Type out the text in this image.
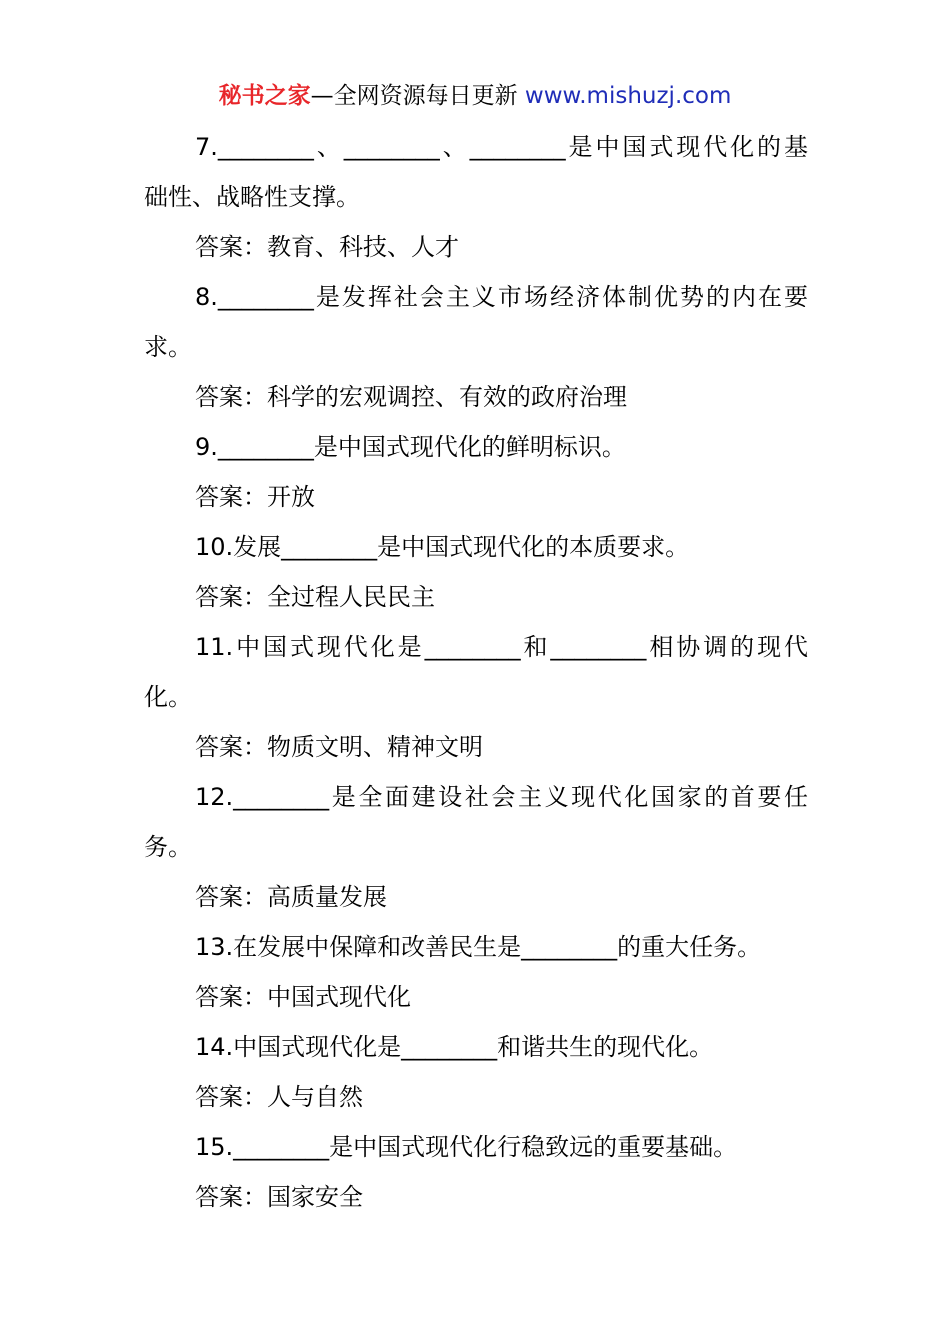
秘书之家—全网资源每日更新 www.mishuzj.com
7.________、________、________是中国式现代化的基
础性、战略性支撑。
答案：教育、科技、人才
8.________是发挥社会主义市场经济体制优势的内在要
求。
答案：科学的宏观调控、有效的政府治理
9.________是中国式现代化的鲜明标识。
答案：开放
10.发展________是中国式现代化的本质要求。
答案：全过程人民民主
11.中国式现代化是________和________相协调的现代
化。
答案：物质文明、精神文明
12.________是全面建设社会主义现代化国家的首要任
务。
答案：高质量发展
13.在发展中保障和改善民生是________的重大任务。
答案：中国式现代化
14.中国式现代化是________和谐共生的现代化。
答案：人与自然
15.________是中国式现代化行稳致远的重要基础。
答案：国家安全
